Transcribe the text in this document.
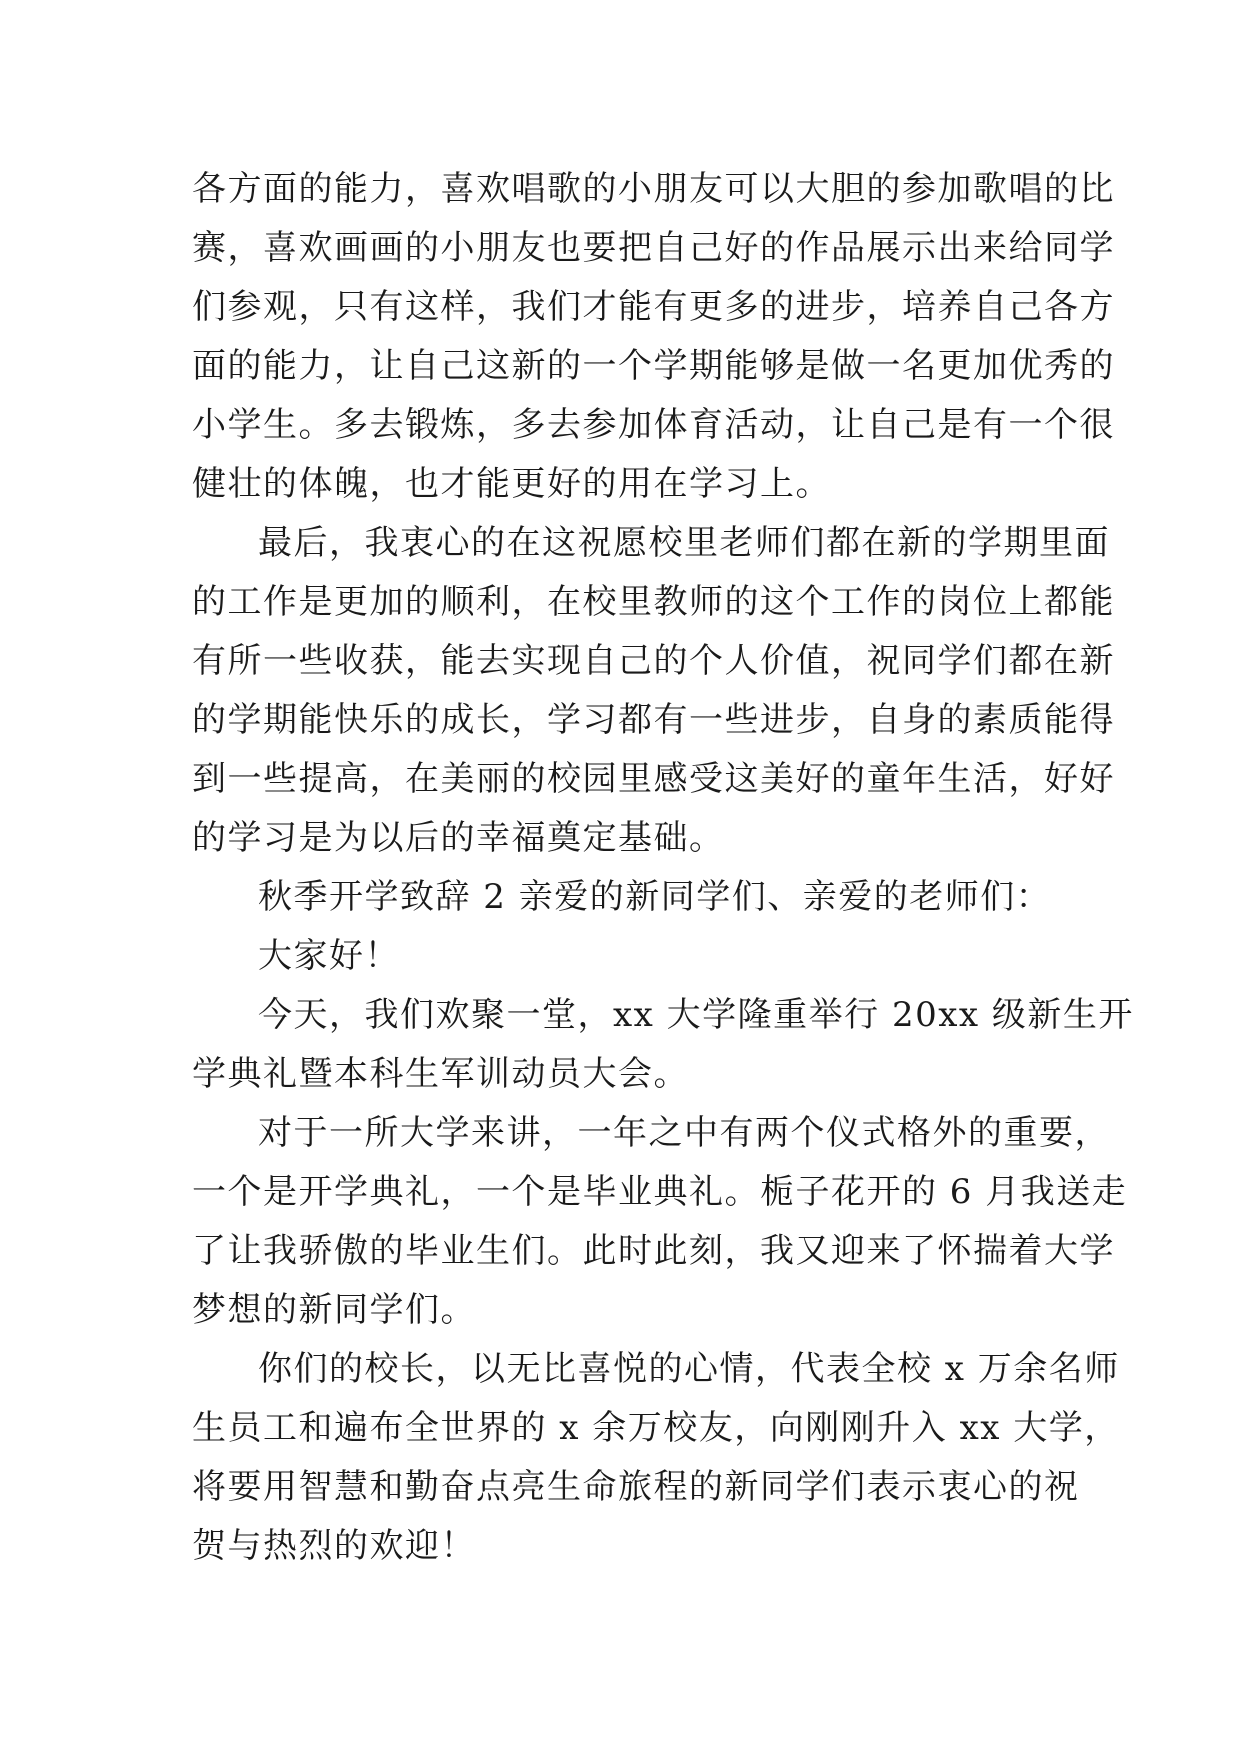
各方面的能力，喜欢唱歌的小朋友可以大胆的参加歌唱的比
赛，喜欢画画的小朋友也要把自己好的作品展示出来给同学
们参观，只有这样，我们才能有更多的进步，培养自己各方
面的能力，让自己这新的一个学期能够是做一名更加优秀的
小学生。多去锻炼，多去参加体育活动，让自己是有一个很
健壮的体魄，也才能更好的用在学习上。
最后，我衷心的在这祝愿校里老师们都在新的学期里面
的工作是更加的顺利，在校里教师的这个工作的岗位上都能
有所一些收获，能去实现自己的个人价值，祝同学们都在新
的学期能快乐的成长，学习都有一些进步，自身的素质能得
到一些提高，在美丽的校园里感受这美好的童年生活，好好
的学习是为以后的幸福奠定基础。
秋季开学致辞 2 亲爱的新同学们、亲爱的老师们：
大家好！
今天，我们欢聚一堂，xx 大学隆重举行 20xx 级新生开
学典礼暨本科生军训动员大会。
对于一所大学来讲，一年之中有两个仪式格外的重要，
一个是开学典礼，一个是毕业典礼。栀子花开的 6 月我送走
了让我骄傲的毕业生们。此时此刻，我又迎来了怀揣着大学
梦想的新同学们。
你们的校长，以无比喜悦的心情，代表全校 x 万余名师
生员工和遍布全世界的 x 余万校友，向刚刚升入 xx 大学，
将要用智慧和勤奋点亮生命旅程的新同学们表示衷心的祝
贺与热烈的欢迎！
